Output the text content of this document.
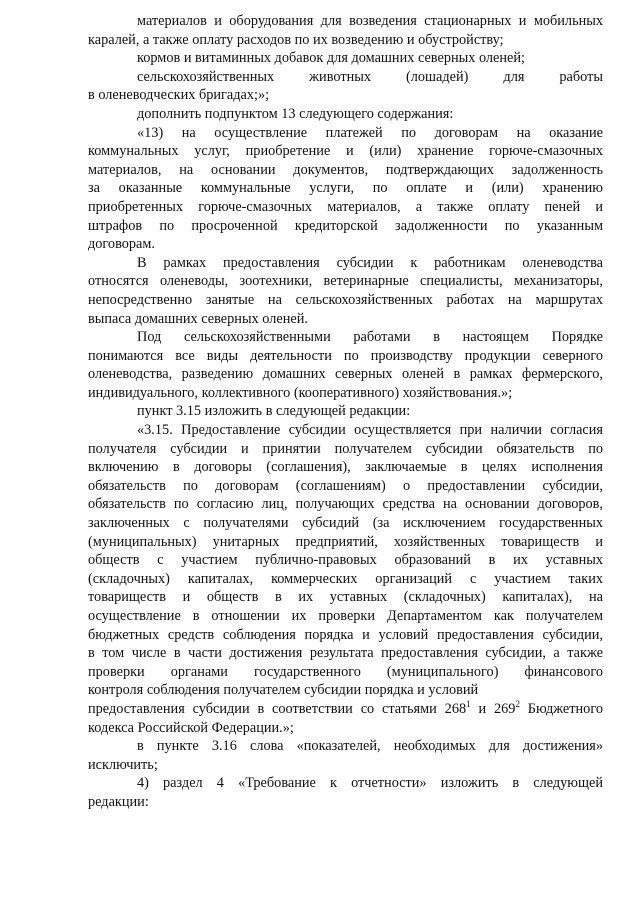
материалов и оборудования для возведения стационарных и мобильных
каралей, а также оплату расходов по их возведению и обустройству;
кормов и витаминных добавок для домашних северных оленей;
сельскохозяйственных животных (лошадей) для работы
в оленеводческих бригадах;»;
дополнить подпунктом 13 следующего содержания:
«13) на осуществление платежей по договорам на оказание
коммунальных услуг, приобретение и (или) хранение горюче-смазочных
материалов, на основании документов, подтверждающих задолженность
за оказанные коммунальные услуги, по оплате и (или) хранению
приобретенных горюче-смазочных материалов, а также оплату пеней и
штрафов по просроченной кредиторской задолженности по указанным
договорам.
В рамках предоставления субсидии к работникам оленеводства
относятся оленеводы, зоотехники, ветеринарные специалисты, механизаторы,
непосредственно занятые на сельскохозяйственных работах на маршрутах
выпаса домашних северных оленей.
Под сельскохозяйственными работами в настоящем Порядке
понимаются все виды деятельности по производству продукции северного
оленеводства, разведению домашних северных оленей в рамках фермерского,
индивидуального, коллективного (кооперативного) хозяйствования.»;
пункт 3.15 изложить в следующей редакции:
«3.15. Предоставление субсидии осуществляется при наличии согласия
получателя субсидии и принятии получателем субсидии обязательств по
включению в договоры (соглашения), заключаемые в целях исполнения
обязательств по договорам (соглашениям) о предоставлении субсидии,
обязательств по согласию лиц, получающих средства на основании договоров,
заключенных с получателями субсидий (за исключением государственных
(муниципальных) унитарных предприятий, хозяйственных товариществ и
обществ с участием публично-правовых образований в их уставных
(складочных) капиталах, коммерческих организаций с участием таких
товариществ и обществ в их уставных (складочных) капиталах), на
осуществление в отношении их проверки Департаментом как получателем
бюджетных средств соблюдения порядка и условий предоставления субсидии,
в том числе в части достижения результата предоставления субсидии, а также
проверки органами государственного (муниципального) финансового
контроля соблюдения получателем субсидии порядка и условий
предоставления субсидии в соответствии со статьями $268^1$ и $269^2$ Бюджетного
кодекса Российской Федерации.»;
в пункте 3.16 слова «показателей, необходимых для достижения»
исключить;
4) раздел 4 «Требование к отчетности» изложить в следующей
редакции:
